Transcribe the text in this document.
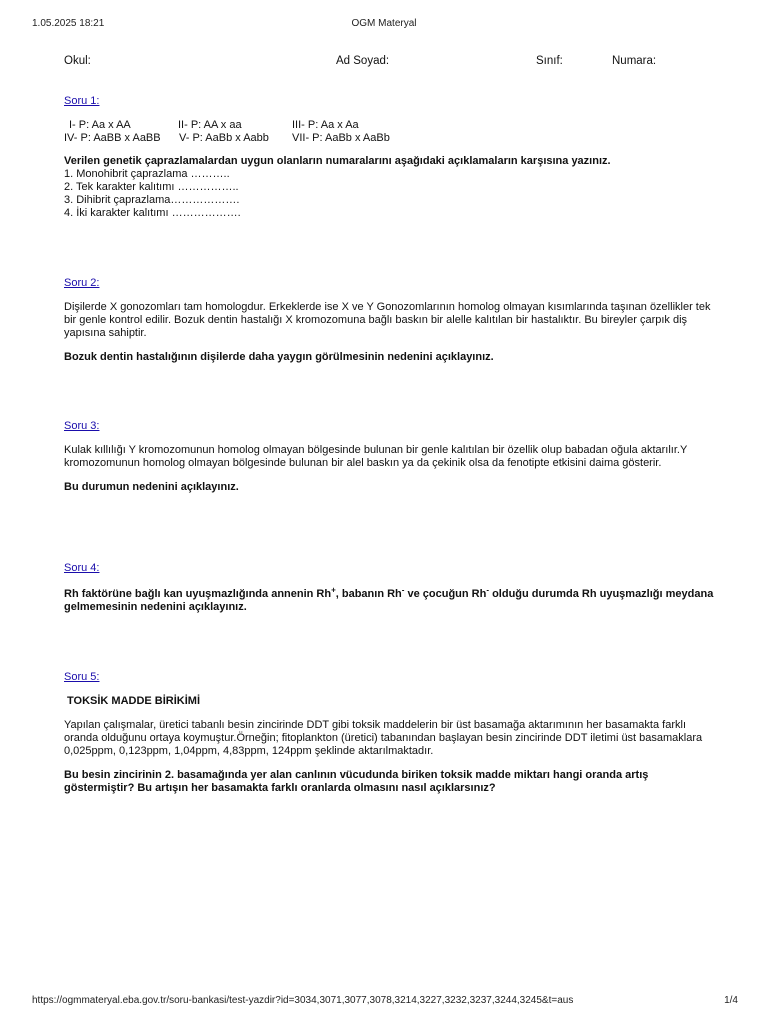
1.05.2025 18:21	OGM Materyal
Okul:	Ad Soyad:	Sınıf:	Numara:
Soru 1:
I- P: Aa x AA	II- P: AA x aa	III- P: Aa x Aa
IV- P: AaBB x AaBB V- P: AaBb x Aabb VII- P: AaBb x AaBb

Verilen genetik çaprazlamalardan uygun olanların numaralarını aşağıdaki açıklamaların karşısına yazınız.

1. Monohibrit çaprazlama ………..

2. Tek karakter kalıtımı ……………..

3. Dihibrit çaprazlama……………….

4. İki karakter kalıtımı ……………….

Soru 2:

Dişilerde X gonozomları tam homologdur. Erkeklerde ise X ve Y Gonozomlarının homolog olmayan kısımlarında taşınan özellikler tek bir genle kontrol edilir. Bozuk dentin hastalığı X kromozomuna bağlı baskın bir alelle kalıtılan bir hastalıktır. Bu bireyler çarpık diş yapısına sahiptir.

Bozuk dentin hastalığının dişilerde daha yaygın görülmesinin nedenini açıklayınız.

Soru 3:

Kulak kıllılığı Y kromozomunun homolog olmayan bölgesinde bulunan bir genle kalıtılan bir özellik olup babadan oğula aktarılır.Y kromozomunun homolog olmayan bölgesinde bulunan bir alel baskın ya da çekinik olsa da fenotipte etkisini daima gösterir.

Bu durumun nedenini açıklayınız.

Soru 4:

Rh faktörüne bağlı kan uyuşmazlığında annenin Rh+, babanın Rh- ve çocuğun Rh- olduğu durumda Rh uyuşmazlığı meydana gelmemesinin nedenini açıklayınız.

Soru 5:

TOKSİK MADDE BİRİKİMİ

Yapılan çalışmalar, üretici tabanlı besin zincirinde DDT gibi toksik maddelerin bir üst basamağa aktarımının her basamakta farklı oranda olduğunu ortaya koymuştur.Örneğin; fitoplankton (üretici) tabanından başlayan besin zincirinde DDT iletimi üst basamaklara 0,025ppm, 0,123ppm, 1,04ppm, 4,83ppm, 124ppm şeklinde aktarılmaktadır.

Bu besin zincirinin 2. basamağında yer alan canlının vücudunda biriken toksik madde miktarı hangi oranda artış göstermiştir? Bu artışın her basamakta farklı oranlarda olmasını nasıl açıklarsınız?

https://ogmmateryal.eba.gov.tr/soru-bankasi/test-yazdir?id=3034,3071,3077,3078,3214,3227,3232,3237,3244,3245&t=aus	1/4
